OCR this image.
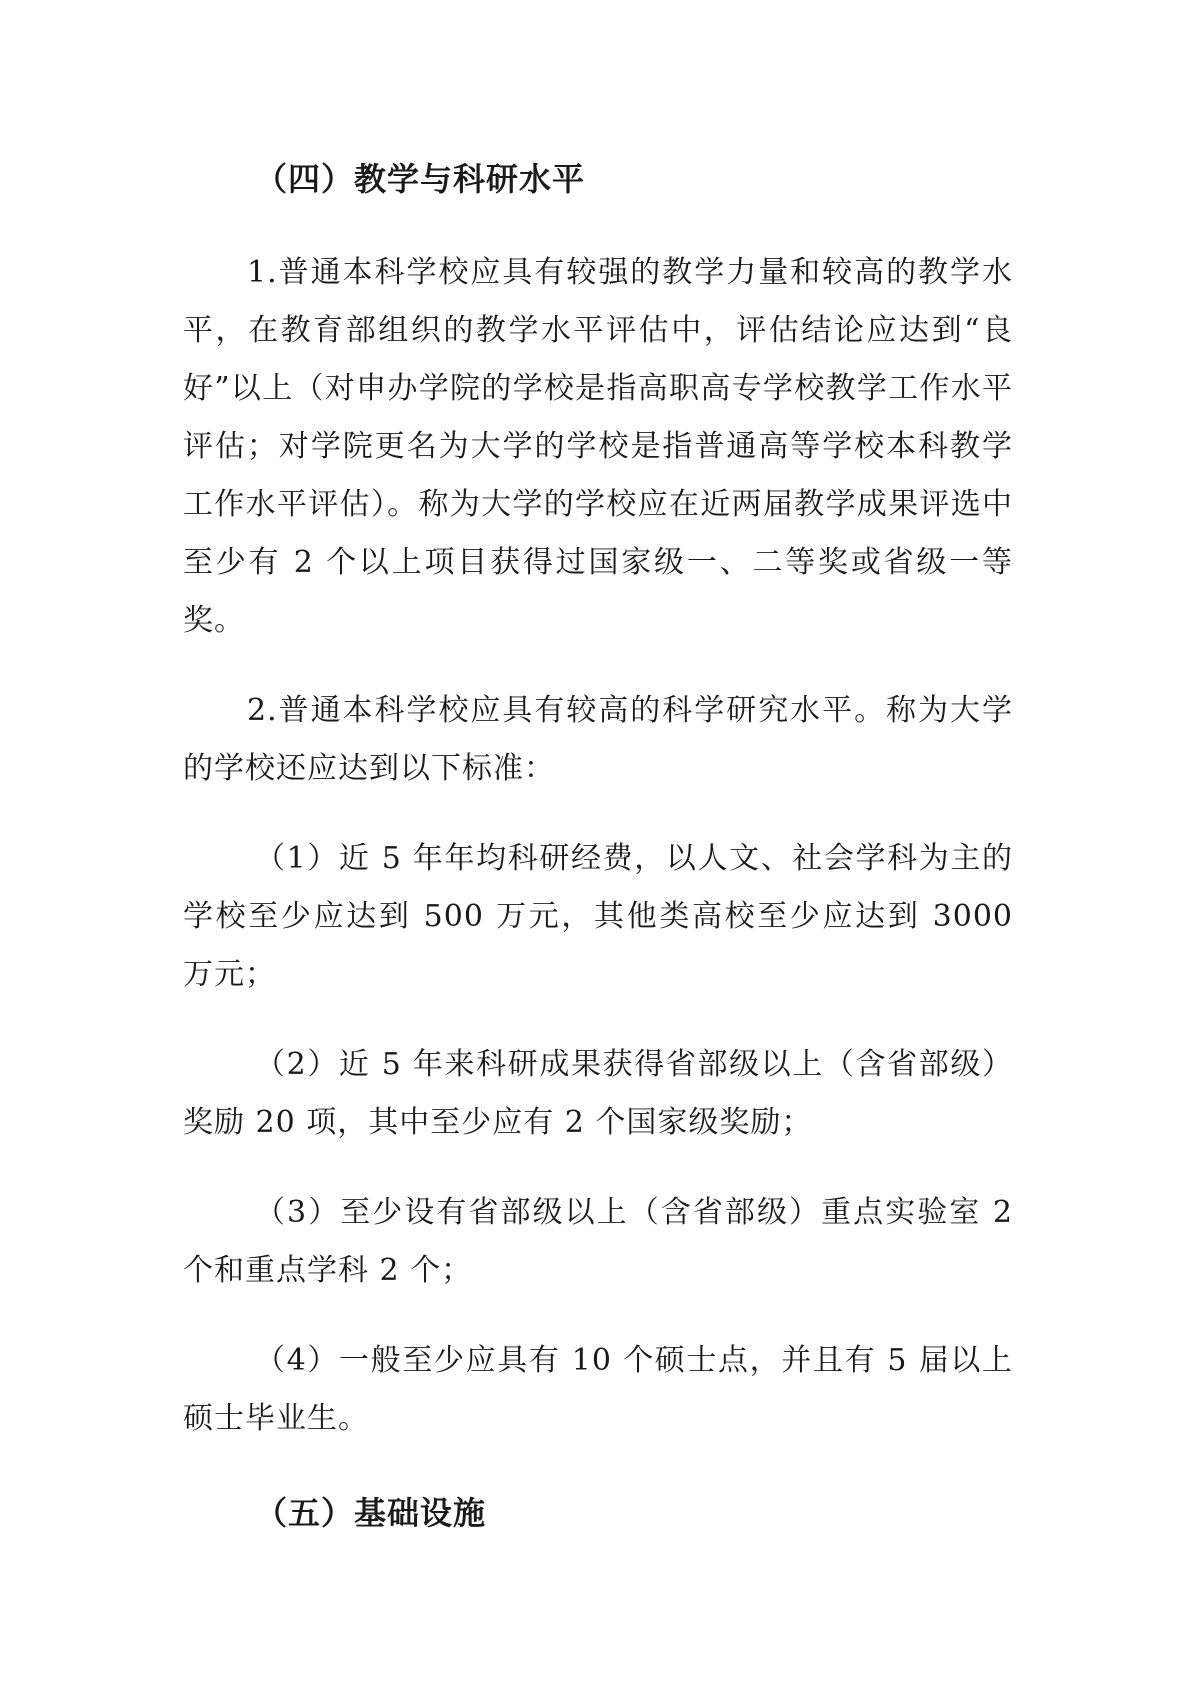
（四）教学与科研水平

1.普通本科学校应具有较强的教学力量和较高的教学水平，在教育部组织的教学水平评估中，评估结论应达到“良好”以上（对申办学院的学校是指高职高专学校教学工作水平评估；对学院更名为大学的学校是指普通高等学校本科教学工作水平评估）。称为大学的学校应在近两届教学成果评选中至少有 2 个以上项目获得过国家级一、二等奖或省级一等奖。

2.普通本科学校应具有较高的科学研究水平。称为大学的学校还应达到以下标准：

（1）近 5 年年均科研经费，以人文、社会学科为主的学校至少应达到 500 万元，其他类高校至少应达到 3000 万元；

（2）近 5 年来科研成果获得省部级以上（含省部级）奖励 20 项，其中至少应有 2 个国家级奖励；

（3）至少设有省部级以上（含省部级）重点实验室 2 个和重点学科 2 个；

（4）一般至少应具有 10 个硕士点，并且有 5 届以上硕士毕业生。

（五）基础设施
